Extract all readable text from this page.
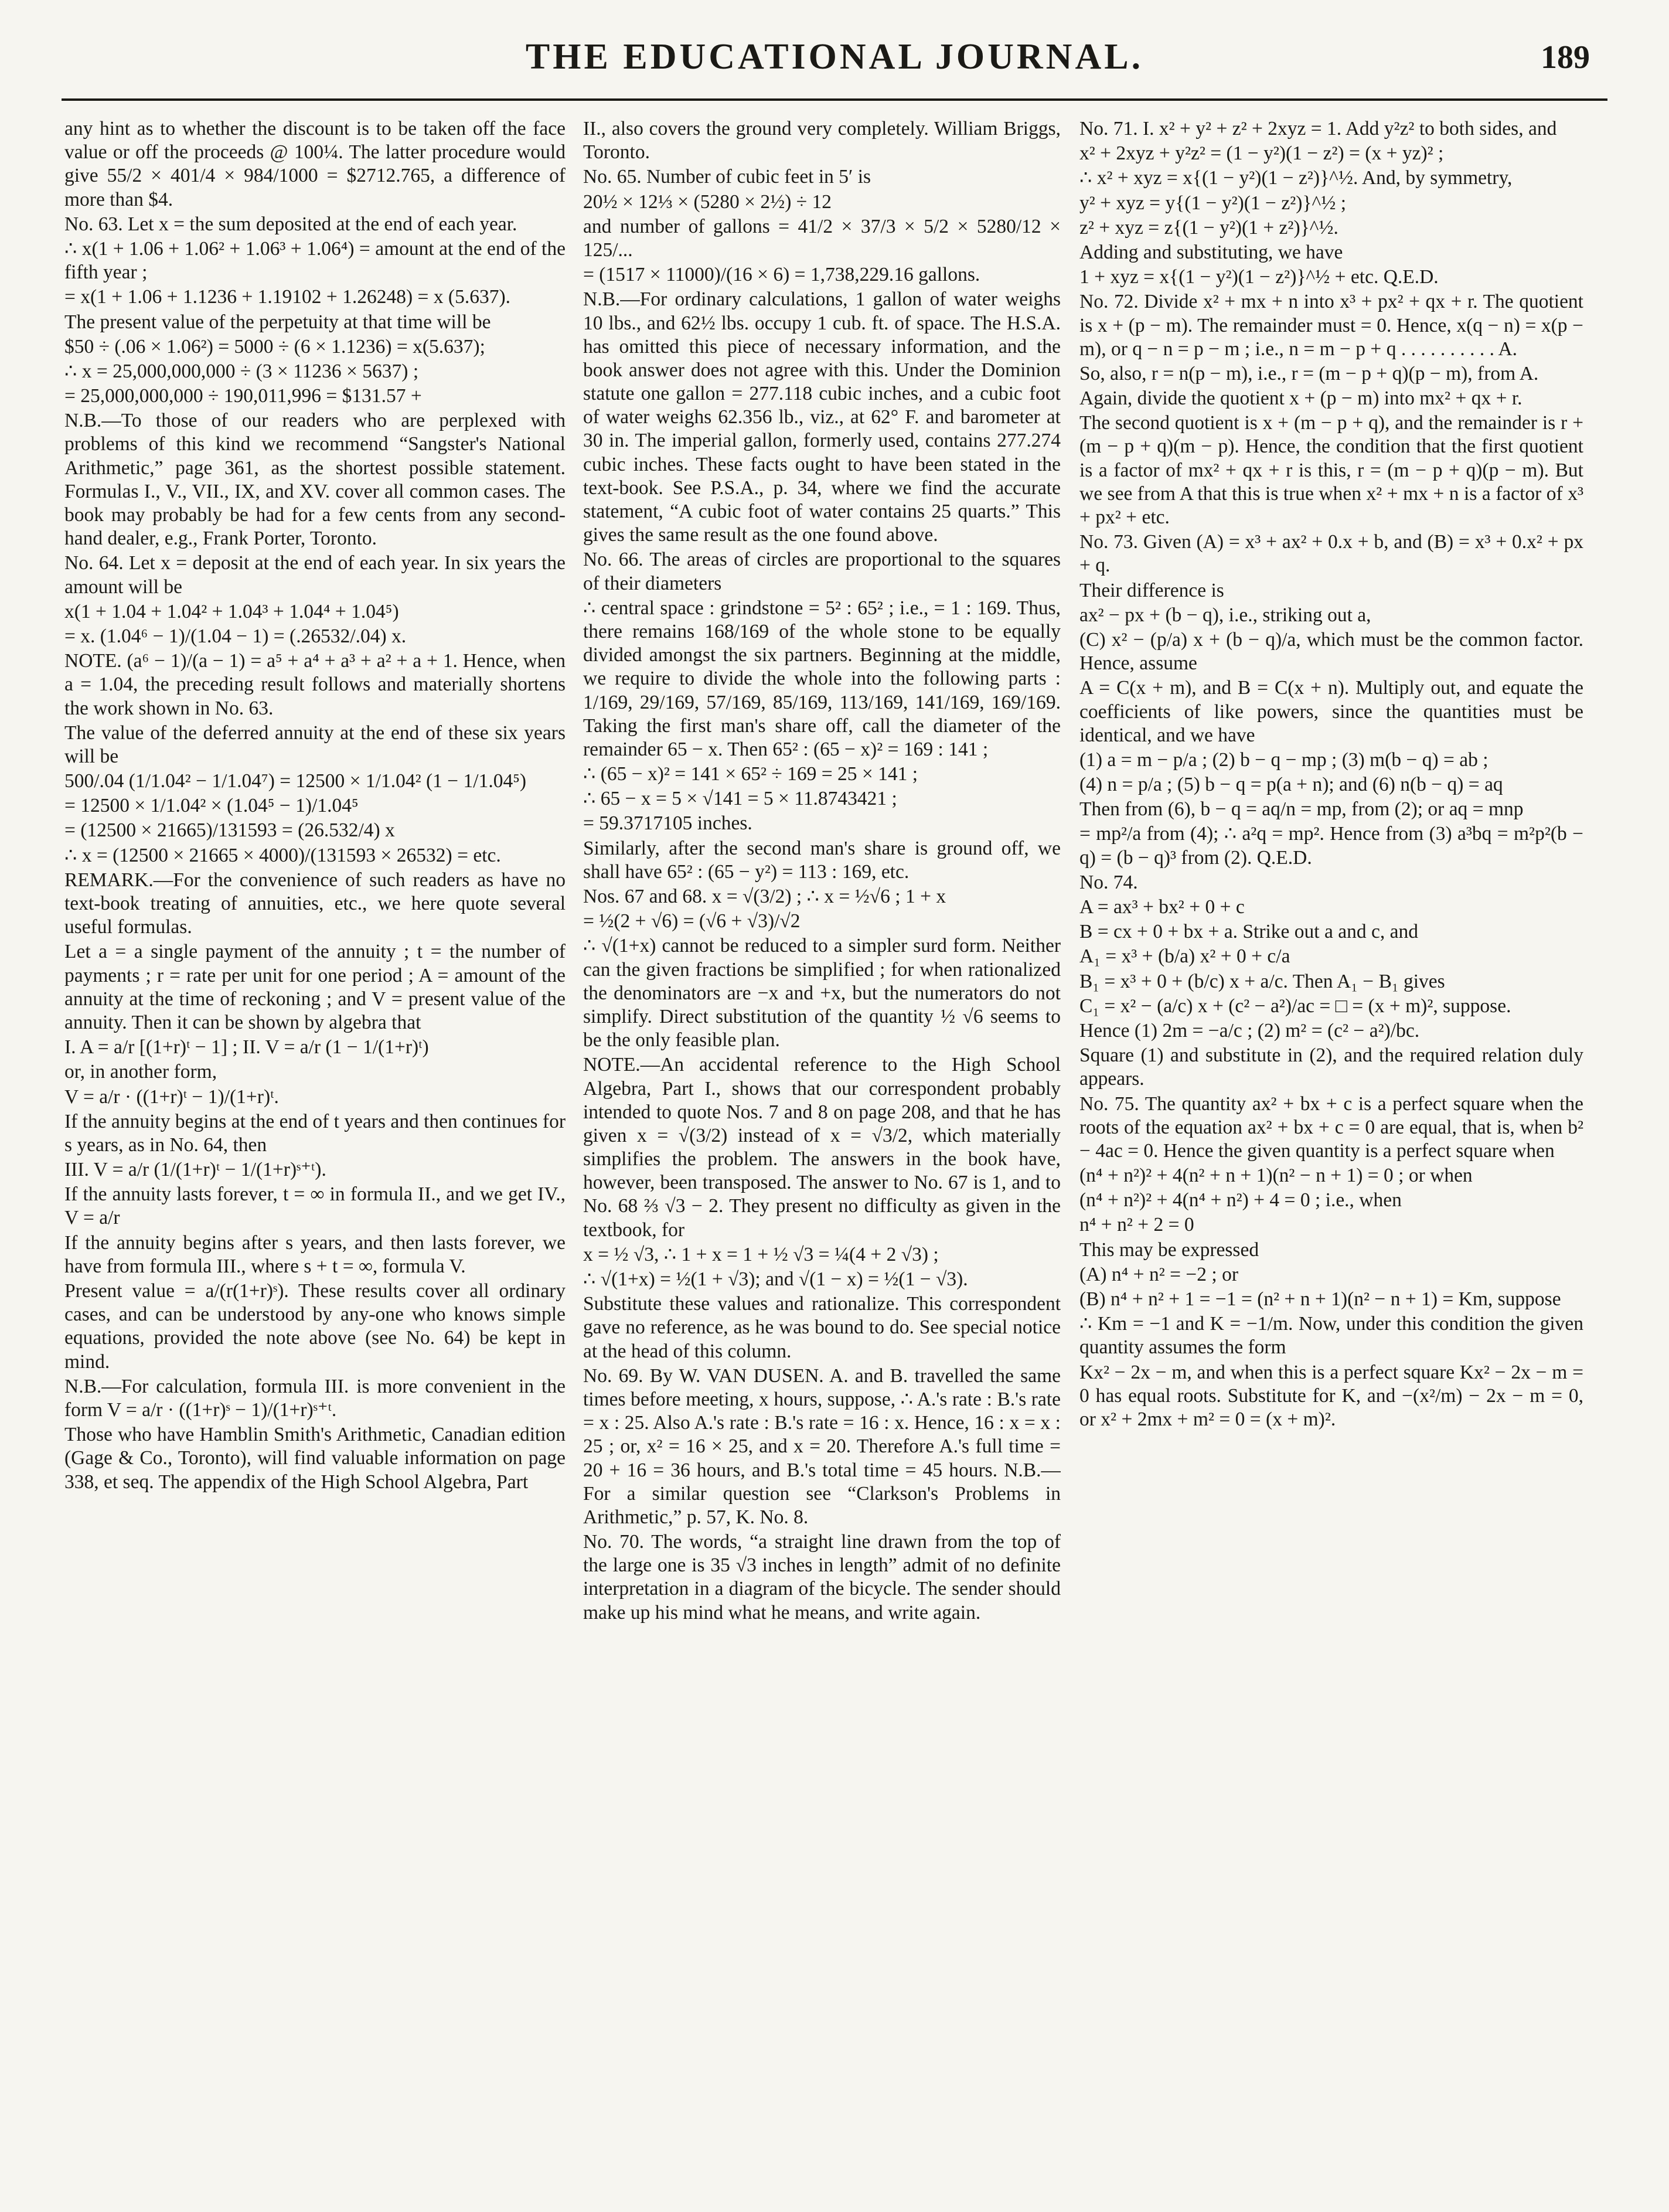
THE EDUCATIONAL JOURNAL.	189

any hint as to whether the discount is to be taken off the face value or off the proceeds @ 100¼. The latter procedure would give 55/2 × 401/4 × 984/1000 = $2712.765, a difference of more than $4.

No. 63. Let x = the sum deposited at the end of each year.

∴ x(1 + 1.06 + 1.06² + 1.06³ + 1.06⁴) = amount at the end of the fifth year ;

= x(1 + 1.06 + 1.1236 + 1.19102 + 1.26248) = x (5.637).

The present value of the perpetuity at that time will be

$50 ÷ (.06 × 1.06²) = 5000 ÷ (6 × 1.1236) = x(5.637);

∴ x = 25,000,000,000 ÷ (3 × 11236 × 5637) ;

= 25,000,000,000 ÷ 190,011,996 = $131.57 +

N.B.—To those of our readers who are perplexed with problems of this kind we recommend “Sangster's National Arithmetic,” page 361, as the shortest possible statement. Formulas I., V., VII., IX, and XV. cover all common cases. The book may probably be had for a few cents from any second-hand dealer, e.g., Frank Porter, Toronto.

No. 64. Let x = deposit at the end of each year. In six years the amount will be

x(1 + 1.04 + 1.04² + 1.04³ + 1.04⁴ + 1.04⁵)

= x. (1.04⁶ − 1)/(1.04 − 1) = (.26532/.04) x.

NOTE. (a⁶ − 1)/(a − 1) = a⁵ + a⁴ + a³ + a² + a + 1. Hence, when a = 1.04, the preceding result follows and materially shortens the work shown in No. 63.

The value of the deferred annuity at the end of these six years will be

500/.04 (1/1.04² − 1/1.04⁷) = 12500 × 1/1.04² (1 − 1/1.04⁵)

= 12500 × 1/1.04² × (1.04⁵ − 1)/1.04⁵

= (12500 × 21665)/131593 = (26.532/4) x

∴ x = (12500 × 21665 × 4000)/(131593 × 26532) = etc.

REMARK.—For the convenience of such readers as have no text-book treating of annuities, etc., we here quote several useful formulas.

Let a = a single payment of the annuity ; t = the number of payments ; r = rate per unit for one period ; A = amount of the annuity at the time of reckoning ; and V = present value of the annuity. Then it can be shown by algebra that

I. A = a/r [(1+r)ᵗ − 1] ; II. V = a/r (1 − 1/(1+r)ᵗ)

or, in another form,

V = a/r · ((1+r)ᵗ − 1)/(1+r)ᵗ.

If the annuity begins at the end of t years and then continues for s years, as in No. 64, then

III. V = a/r (1/(1+r)ᵗ − 1/(1+r)ˢ⁺ᵗ).

If the annuity lasts forever, t = ∞ in formula II., and we get IV., V = a/r

If the annuity begins after s years, and then lasts forever, we have from formula III., where s + t = ∞, formula V.

Present value = a/(r(1+r)ˢ). These results cover all ordinary cases, and can be understood by any-one who knows simple equations, provided the note above (see No. 64) be kept in mind.

N.B.—For calculation, formula III. is more convenient in the form V = a/r · ((1+r)ˢ − 1)/(1+r)ˢ⁺ᵗ.

Those who have Hamblin Smith's Arithmetic, Canadian edition (Gage & Co., Toronto), will find valuable information on page 338, et seq. The appendix of the High School Algebra, Part

II., also covers the ground very completely. William Briggs, Toronto.

No. 65. Number of cubic feet in 5′ is

20½ × 12⅓ × (5280 × 2½) ÷ 12

and number of gallons = 41/2 × 37/3 × 5/2 × 5280/12 × 125/...

= (1517 × 11000)/(16 × 6) = 1,738,229.16 gallons.

N.B.—For ordinary calculations, 1 gallon of water weighs 10 lbs., and 62½ lbs. occupy 1 cub. ft. of space. The H.S.A. has omitted this piece of necessary information, and the book answer does not agree with this. Under the Dominion statute one gallon = 277.118 cubic inches, and a cubic foot of water weighs 62.356 lb., viz., at 62° F. and barometer at 30 in. The imperial gallon, formerly used, contains 277.274 cubic inches. These facts ought to have been stated in the text-book. See P.S.A., p. 34, where we find the accurate statement, “A cubic foot of water contains 25 quarts.” This gives the same result as the one found above.

No. 66. The areas of circles are proportional to the squares of their diameters

∴ central space : grindstone = 5² : 65² ; i.e., = 1 : 169. Thus, there remains 168/169 of the whole stone to be equally divided amongst the six partners. Beginning at the middle, we require to divide the whole into the following parts : 1/169, 29/169, 57/169, 85/169, 113/169, 141/169, 169/169. Taking the first man's share off, call the diameter of the remainder 65 − x. Then 65² : (65 − x)² = 169 : 141 ;

∴ (65 − x)² = 141 × 65² ÷ 169 = 25 × 141 ;

∴ 65 − x = 5 × √141 = 5 × 11.8743421 ;

= 59.3717105 inches.

Similarly, after the second man's share is ground off, we shall have 65² : (65 − y²) = 113 : 169, etc.

Nos. 67 and 68. x = √(3/2) ; ∴ x = ½√6 ; 1 + x

= ½(2 + √6) = (√6 + √3)/√2

∴ √(1+x) cannot be reduced to a simpler surd form. Neither can the given fractions be simplified ; for when rationalized the denominators are −x and +x, but the numerators do not simplify. Direct substitution of the quantity ½ √6 seems to be the only feasible plan.

NOTE.—An accidental reference to the High School Algebra, Part I., shows that our correspondent probably intended to quote Nos. 7 and 8 on page 208, and that he has given x = √(3/2) instead of x = √3/2, which materially simplifies the problem. The answers in the book have, however, been transposed. The answer to No. 67 is 1, and to No. 68 ⅔ √3 − 2. They present no difficulty as given in the textbook, for

x = ½ √3, ∴ 1 + x = 1 + ½ √3 = ¼(4 + 2 √3) ;

∴ √(1+x) = ½(1 + √3); and √(1 − x) = ½(1 − √3).

Substitute these values and rationalize. This correspondent gave no reference, as he was bound to do. See special notice at the head of this column.

No. 69. By W. VAN DUSEN. A. and B. travelled the same times before meeting, x hours, suppose, ∴ A.'s rate : B.'s rate = x : 25. Also A.'s rate : B.'s rate = 16 : x. Hence, 16 : x = x : 25 ; or, x² = 16 × 25, and x = 20. Therefore A.'s full time = 20 + 16 = 36 hours, and B.'s total time = 45 hours. N.B.—For a similar question see “Clarkson's Problems in Arithmetic,” p. 57, K. No. 8.

No. 70. The words, “a straight line drawn from the top of the large one is 35 √3 inches in length” admit of no definite interpretation in a diagram of the bicycle. The sender should make up his mind what he means, and write again.

No. 71. I. x² + y² + z² + 2xyz = 1. Add y²z² to both sides, and

x² + 2xyz + y²z² = (1 − y²)(1 − z²) = (x + yz)² ;

∴ x² + xyz = x{(1 − y²)(1 − z²)}^½. And, by symmetry,

y² + xyz = y{(1 − y²)(1 − z²)}^½ ;

z² + xyz = z{(1 − y²)(1 + z²)}^½.

Adding and substituting, we have

1 + xyz = x{(1 − y²)(1 − z²)}^½ + etc. Q.E.D.

No. 72. Divide x² + mx + n into x³ + px² + qx + r. The quotient is x + (p − m). The remainder must = 0. Hence, x(q − n) = x(p − m), or q − n = p − m ; i.e., n = m − p + q . . . . . . . . . . A.

So, also, r = n(p − m), i.e., r = (m − p + q)(p − m), from A.

Again, divide the quotient x + (p − m) into mx² + qx + r.

The second quotient is x + (m − p + q), and the remainder is r + (m − p + q)(m − p). Hence, the condition that the first quotient is a factor of mx² + qx + r is this, r = (m − p + q)(p − m). But we see from A that this is true when x² + mx + n is a factor of x³ + px² + etc.

No. 73. Given (A) = x³ + ax² + 0.x + b, and (B) = x³ + 0.x² + px + q.

Their difference is

ax² − px + (b − q), i.e., striking out a,

(C) x² − (p/a) x + (b − q)/a, which must be the common factor. Hence, assume

A = C(x + m), and B = C(x + n). Multiply out, and equate the coefficients of like powers, since the quantities must be identical, and we have

(1) a = m − p/a ; (2) b − q − mp ; (3) m(b − q) = ab ;

(4) n = p/a ; (5) b − q = p(a + n); and (6) n(b − q) = aq

Then from (6), b − q = aq/n = mp, from (2); or aq = mnp

= mp²/a from (4); ∴ a²q = mp². Hence from (3) a³bq = m²p²(b − q) = (b − q)³ from (2). Q.E.D.

No. 74.

A = ax³ + bx² + 0 + c

B = cx + 0 + bx + a. Strike out a and c, and

A₁ = x³ + (b/a) x² + 0 + c/a

B₁ = x³ + 0 + (b/c) x + a/c. Then A₁ − B₁ gives

C₁ = x² − (a/c) x + (c² − a²)/ac = □ = (x + m)², suppose.

Hence (1) 2m = −a/c ; (2) m² = (c² − a²)/bc.

Square (1) and substitute in (2), and the required relation duly appears.

No. 75. The quantity ax² + bx + c is a perfect square when the roots of the equation ax² + bx + c = 0 are equal, that is, when b² − 4ac = 0. Hence the given quantity is a perfect square when

(n⁴ + n²)² + 4(n² + n + 1)(n² − n + 1) = 0 ; or when

(n⁴ + n²)² + 4(n⁴ + n²) + 4 = 0 ; i.e., when

n⁴ + n² + 2 = 0

This may be expressed

(A) n⁴ + n² = −2 ; or

(B) n⁴ + n² + 1 = −1 = (n² + n + 1)(n² − n + 1) = Km, suppose

∴ Km = −1 and K = −1/m. Now, under this condition the given quantity assumes the form

Kx² − 2x − m, and when this is a perfect square Kx² − 2x − m = 0 has equal roots. Substitute for K, and −(x²/m) − 2x − m = 0, or x² + 2mx + m² = 0 = (x + m)².
